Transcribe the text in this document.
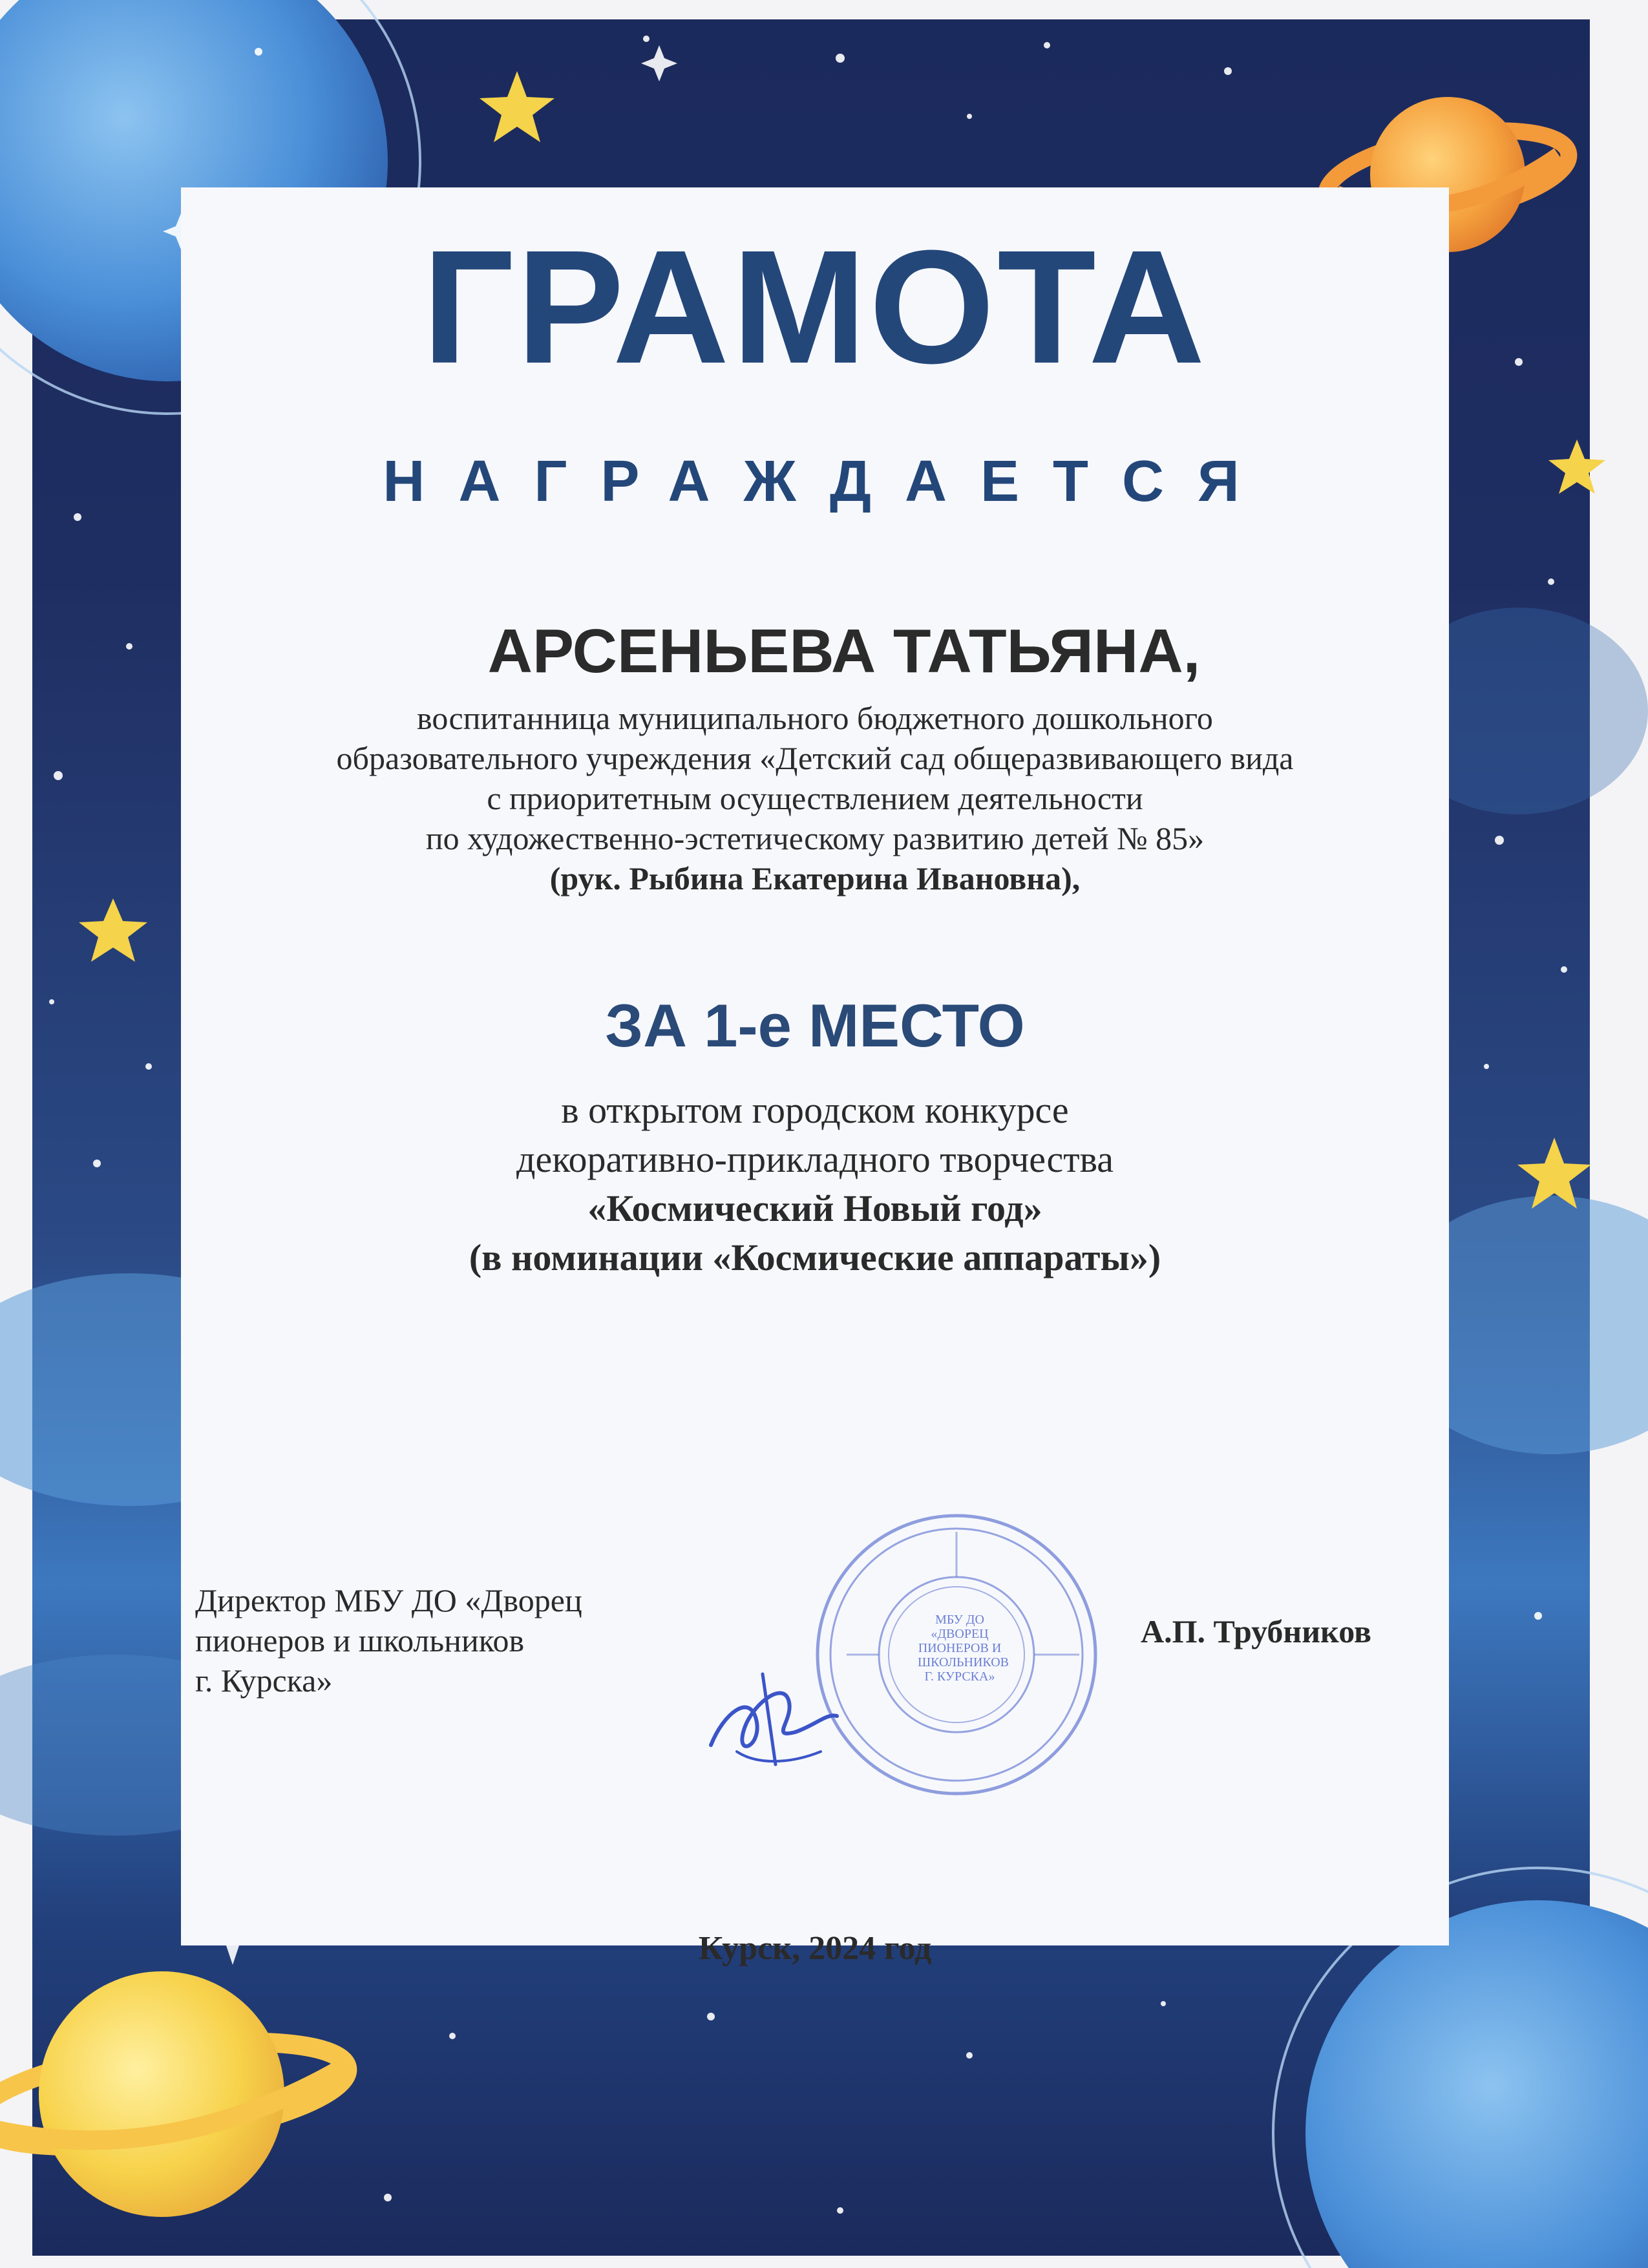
ГРАМОТА
НАГРАЖДАЕТСЯ
АРСЕНЬЕВА ТАТЬЯНА,
воспитанница муниципального бюджетного дошкольного
образовательного учреждения «Детский сад общеразвивающего вида
с приоритетным осуществлением деятельности
по художественно-эстетическому развитию детей № 85»
(рук. Рыбина Екатерина Ивановна),
ЗА 1-е МЕСТО
в открытом городском конкурсе
декоративно-прикладного творчества
«Космический Новый год»
(в номинации «Космические аппараты»)
Директор МБУ ДО «Дворец
пионеров и школьников
г. Курска»
МБУ ДО
«ДВОРЕЦ
ПИОНЕРОВ И
ШКОЛЬНИКОВ
Г. КУРСКА»
А.П. Трубников
Курск, 2024 год
